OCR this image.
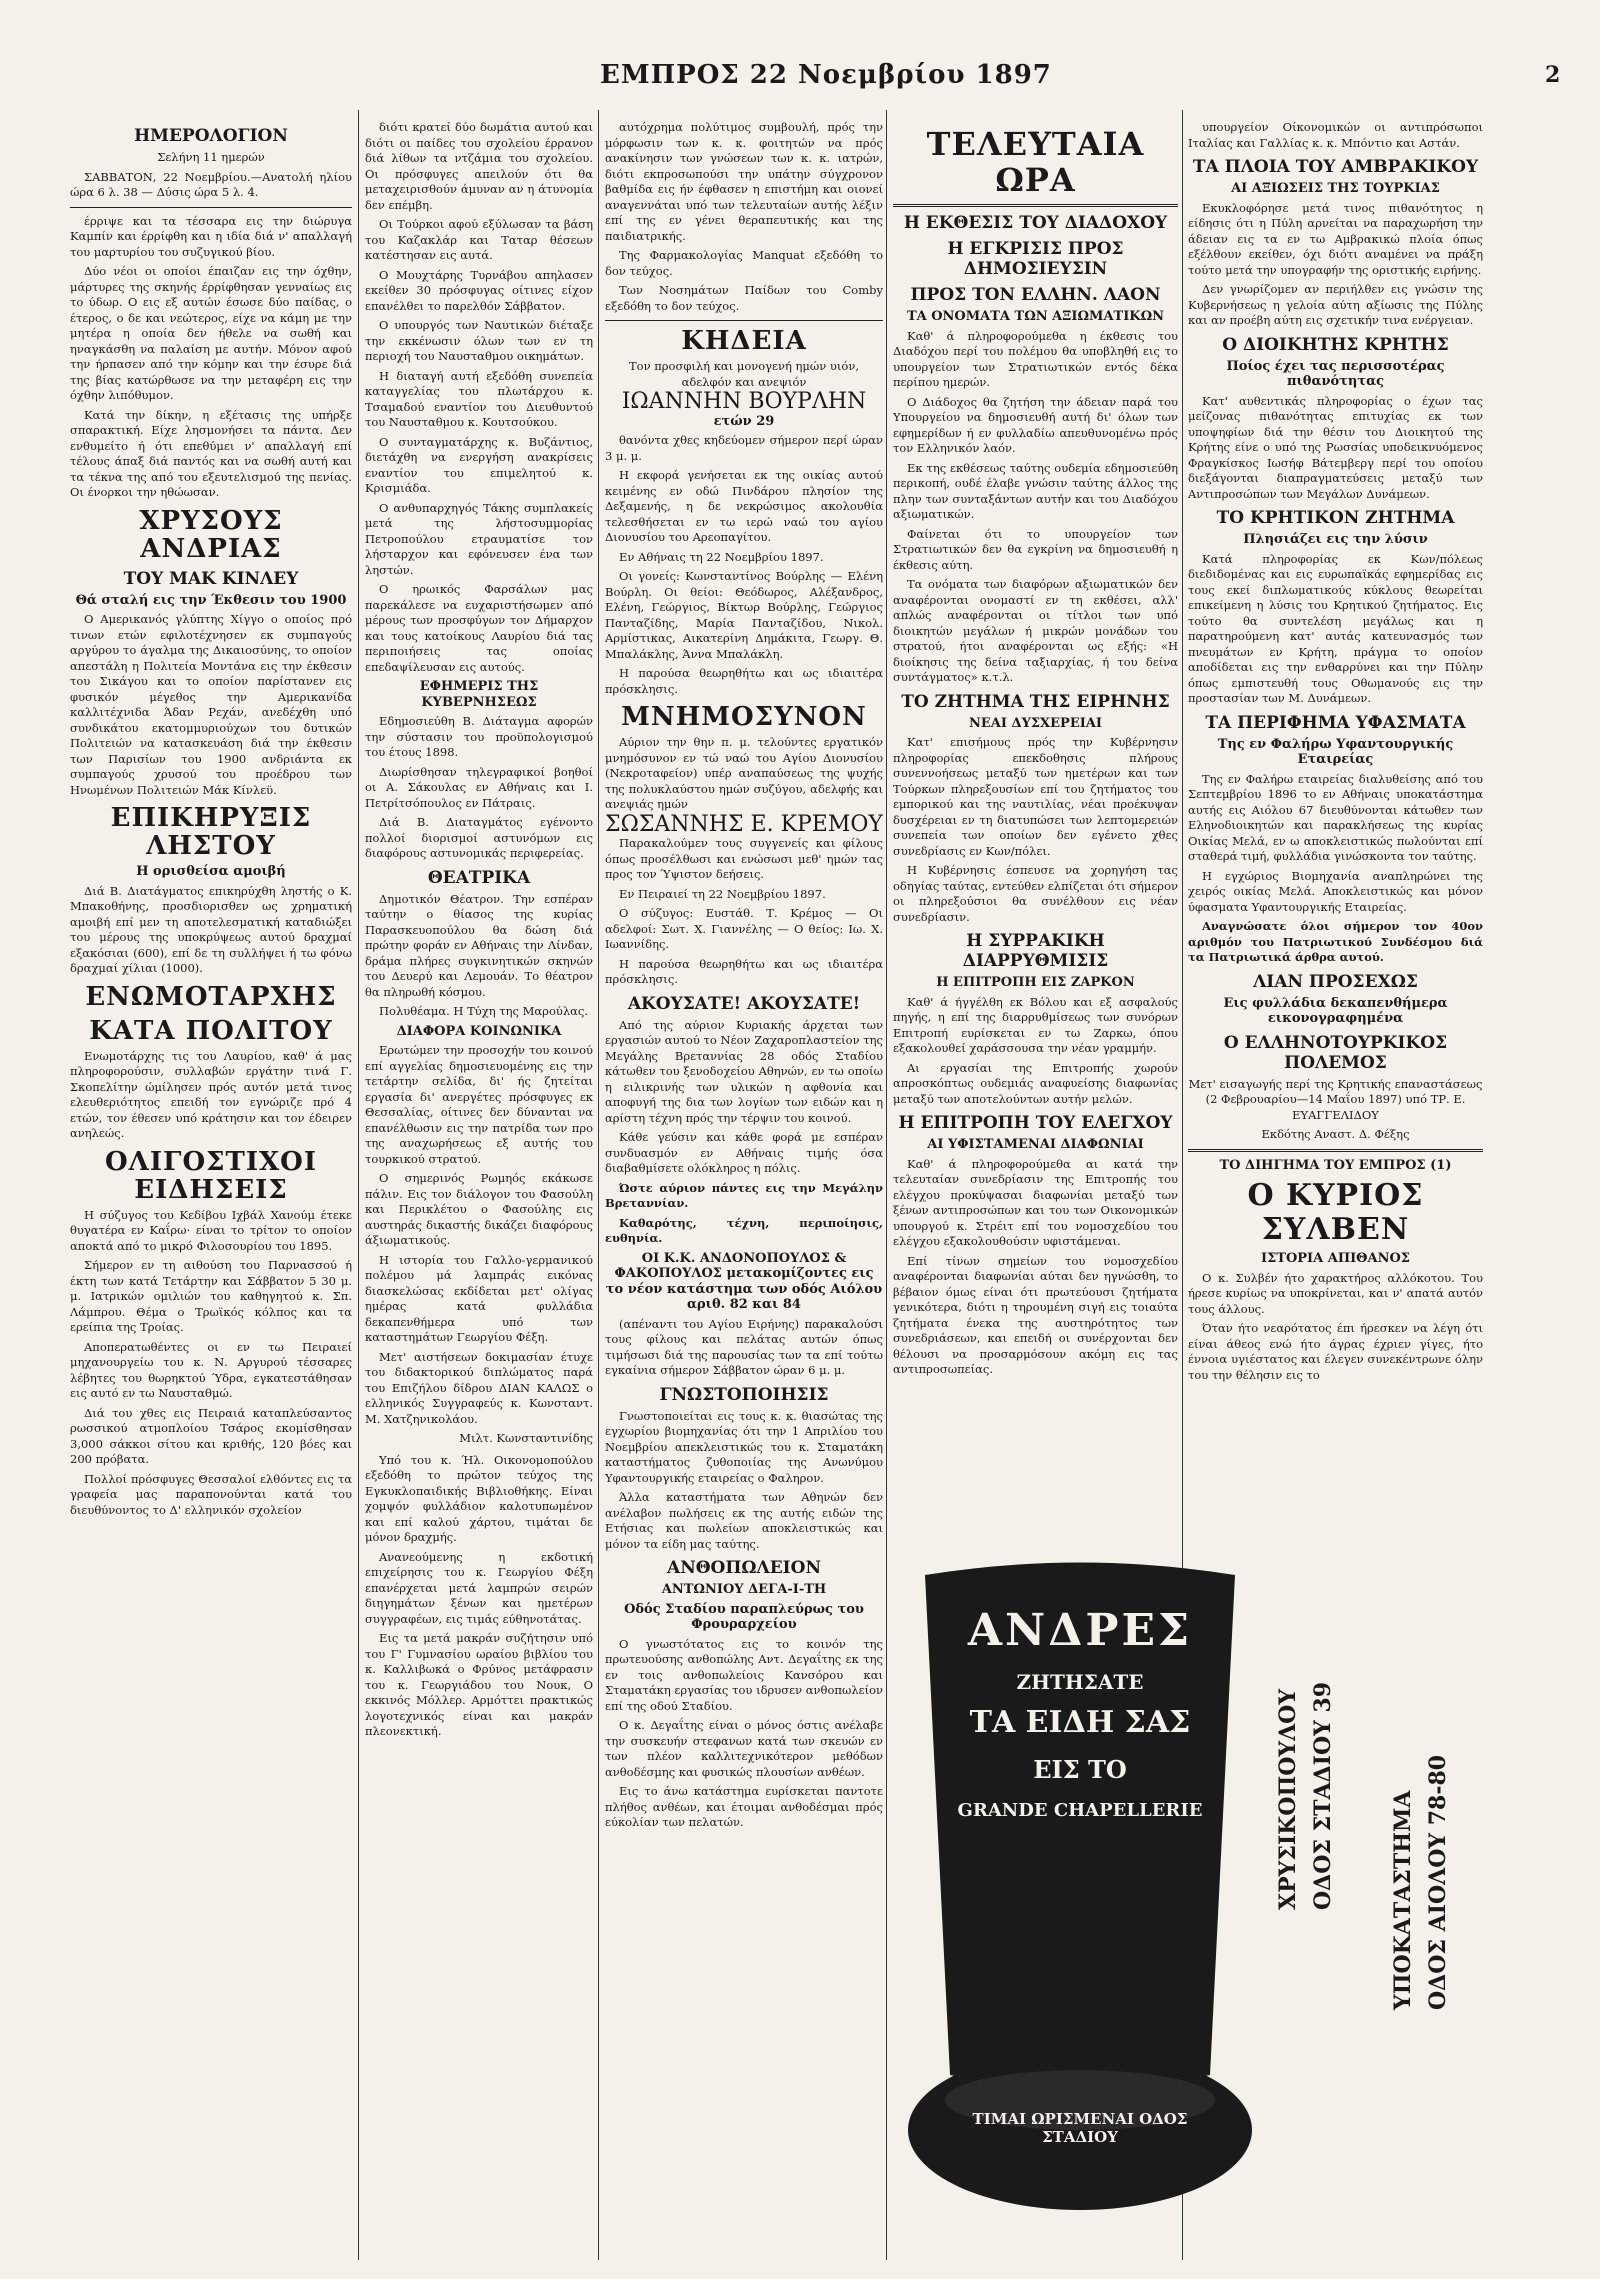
ΕΜΠΡΟΣ 22 Νοεμβρίου 1897	2
ΗΜΕΡΟΛΟΓΙΟΝ

Σελήνη 11 ημερών

ΣΑΒΒΑΤΟΝ, 22 Νοεμβρίου.—Ανατολή ηλίου ώρα 6 λ. 38 — Δύσις ώρα 5 λ. 4.

έρριψε και τα τέσσαρα εις την διώρυγα Καμπίν και έρρίφθη και η ιδία διά ν' απαλλαγή του μαρτυρίου του συζυγικού βίου.

Δύο νέοι οι οποίοι έπαιζαν εις την όχθην, μάρτυρες της σκηνής έρρίφθησαν γενναίως εις το ύδωρ. Ο εις εξ αυτών έσωσε δύο παίδας, ο έτερος, ο δε και νεώτερος, είχε να κάμη με την μητέρα η οποία δεν ήθελε να σωθή και ηναγκάσθη να παλαίση με αυτήν. Μόνον αφού την ήρπασεν από την κόμην και την έσυρε διά της βίας κατώρθωσε να την μεταφέρη εις την όχθην λιπόθυμον.

Κατά την δίκην, η εξέτασις της υπήρξε σπαρακτική. Είχε λησμονήσει τα πάντα. Δεν ενθυμείτο ή ότι επεθύμει ν' απαλλαγή επί τέλους άπαξ διά παντός και να σωθή αυτή και τα τέκνα της από του εξευτελισμού της πενίας. Οι ένορκοι την ηθώωσαν.

ΧΡΥΣΟΥΣ ΑΝΔΡΙΑΣ
ΤΟΥ ΜΑΚ ΚΙΝΛΕΥ
Θά σταλή εις την Έκθεσιν του 1900

Ο Αμερικανός γλύπτης Χίγγο ο οποίος πρό τινων ετών εφιλοτέχνησεν εκ συμπαγούς αργύρου το άγαλμα της Δικαιοσύνης, το οποίον απεστάλη η Πολιτεία Μοντάνα εις την έκθεσιν του Σικάγου και το οποίον παρίστανεν εις φυσικόν μέγεθος την Αμερικανίδα καλλιτέχνιδα Άδαν Ρεχάν, ανεδέχθη υπό συνδικάτου εκατομμυριούχων του δυτικών Πολιτειών να κατασκευάση διά την έκθεσιν των Παρισίων του 1900 ανδριάντα εκ συμπαγούς χρυσού του προέδρου των Ηνωμένων Πολιτειών Μάκ Κίνλεϋ.

ΕΠΙΚΗΡΥΞΙΣ ΛΗΣΤΟΥ
Η ορισθείσα αμοιβή

Διά Β. Διατάγματος επικηρύχθη ληστής ο Κ. Μπακοθήνης, προσδιορισθεν ως χρηματική αμοιβή επί μεν τη αποτελεσματική καταδιώξει του μέρους της υποκρύψεως αυτού δραχμαί εξακόσιαι (600), επί δε τη συλλήψει ή τω φόνω δραχμαί χίλιαι (1000).

ΕΝΩΜΟΤΑΡΧΗΣ
ΚΑΤΑ ΠΟΛΙΤΟΥ

Ενωμοτάρχης τις του Λαυρίου, καθ' ά μας πληροφορούσιν, συλλαβών εργάτην τινά Γ. Σκοπελίτην ώμίλησεν πρός αυτόν μετά τινος ελευθεριότητος επειδή τον εγνώριζε πρό 4 ετών, τον έθεσεν υπό κράτησιν και τον έδειρεν ανηλεώς.

ΟΛΙΓΟΣΤΙΧΟΙ ΕΙΔΗΣΕΙΣ

Η σύζυγος του Κεδίβου Ιχβάλ Χανούμ έτεκε θυγατέρα εν Καΐρω· είναι το τρίτον το οποίον αποκτά από το μικρό Φιλοσουρίου του 1895.

Σήμερον εν τη αιθούση του Παρνασσού ή έκτη των κατά Τετάρτην και Σάββατον 5 30 μ. μ. Ιατρικών ομιλιών του καθηγητού κ. Σπ. Λάμπρου. Θέμα ο Τρωϊκός κόλπος και τα ερείπια της Τροίας.

Αποπερατωθέντες οι εν τω Πειραιεί μηχανουργείω του κ. Ν. Αργυρού τέσσαρες λέβητες του θωρηκτού Ύδρα, εγκατεστάθησαν εις αυτό εν τω Ναυσταθμώ.

Διά του χθες εις Πειραιά καταπλεύσαντος ρωσσικού ατμοπλοίου Τσάρος εκομίσθησαν 3,000 σάκκοι σίτου και κριθής, 120 βόες και 200 πρόβατα.

Πολλοί πρόσφυγες Θεσσαλοί ελθόντες εις τα γραφεία μας παραπονούνται κατά του διευθύνοντος το Δ' ελληνικόν σχολείον

διότι κρατεί δύο δωμάτια αυτού και διότι οι παίδες του σχολείου έρρανον διά λίθων τα ντζάμια του σχολείου. Οι πρόσφυγες απειλούν ότι θα μεταχειρισθούν άμυναν αν η άτυνομία δεν επέμβη.

Οι Τούρκοι αφού εξύλωσαν τα βάση του Καζακλάρ και Ταταρ θέσεων κατέστησαν εις αυτά.

Ο Μουχτάρης Τυρνάβου απηλασεν εκείθεν 30 πρόσφυγας οίτινες είχον επανέλθει το παρελθόν Σάββατον.

Ο υπουργός των Ναυτικών διέταξε την εκκένωσιν όλων των εν τη περιοχή του Ναυσταθμου οικημάτων.

Η διαταγή αυτή εξεδόθη συνεπεία καταγγελίας του πλωτάρχου κ. Τσαμαδού εναντίον του Διευθυντού του Ναυσταθμου κ. Κουτσούκου.

Ο συνταγματάρχης κ. Βυζάντιος, διετάχθη να ενεργήση ανακρίσεις εναντίον του επιμελητού κ. Κρισμιάδα.

Ο ανθυπαρχηγός Τάκης συμπλακείς μετά της λήστοσυμμορίας Πετροπούλου ετραυματίσε τον λήσταρχον και εφόνευσεν ένα των ληστών.

Ο ηρωικός Φαρσάλων μας παρεκάλεσε να ευχαριστήσωμεν από μέρους των προσφύγων τον Δήμαρχον και τους κατοίκους Λαυρίου διά τας περιποιήσεις τας οποίας επεδαψίλευσαν εις αυτούς.

ΕΦΗΜΕΡΙΣ ΤΗΣ ΚΥΒΕΡΝΗΣΕΩΣ

Εδημοσιεύθη Β. Διάταγμα αφορών την σύστασιν του προϋπολογισμού του έτους 1898.

Διωρίσθησαν τηλεγραφικοί βοηθοί οι Α. Σάκουλας εν Αθήναις και Ι. Πετρίτσόπουλος εν Πάτραις.

Διά Β. Διαταγμάτος εγένοντο πολλοί διορισμοί αστυνόμων εις διαφόρους αστυνομικάς περιφερείας.

ΘΕΑΤΡΙΚΑ

Δημοτικόν Θέατρον. Την εσπέραν ταύτην ο θίασος της κυρίας Παρασκευοπούλου θα δώση διά πρώτην φοράν εν Αθήναις την Λίνδαν, δράμα πλήρες συγκινητικών σκηνών του Δευερύ και Λεμουάν. Το θέατρον θα πληρωθή κόσμου.

Πολυθέαμα. Η Τύχη της Μαρούλας.

ΔΙΑΦΟΡΑ ΚΟΙΝΩΝΙΚΑ

Ερωτώμεν την προσοχήν του κοινού επί αγγελίας δημοσιευομένης εις την τετάρτην σελίδα, δι' ής ζητείται εργασία δι' ανεργέτες πρόσφυγες εκ Θεσσαλίας, οίτινες δεν δύνανται να επανέλθωσιν εις την πατρίδα των προ της αναχωρήσεως εξ αυτής του τουρκικού στρατού.

Ο σημερινός Ρωμηός εκάκωσε πάλιν. Εις τον διάλογον του Φασούλη και Περικλέτου ο Φασούλης εις αυστηράς δικαστής δικάζει διαφόρους άξιωματικούς.

Η ιστορία του Γαλλο-γερμανικού πολέμου μά λαμπράς εικόνας διασκελώσας εκδίδεται μετ' ολίγας ημέρας κατά φυλλάδια δεκαπενθήμερα υπό των καταστημάτων Γεωργίου Φέξη.

Μετ' αιστήσεων δοκιμασίαν έτυχε του διδακτορικού διπλώματος παρά του Επιζήλου δίδρου ΔΙΑΝ ΚΑΛΩΣ ο ελληνικός Συγγραφεύς κ. Κωνσταντ. Μ. Χατζηνικολάου.

Μιλτ. Κωνσταντινίδης

Υπό του κ. Ήλ. Οικονομοπούλου εξεδόθη το πρώτον τεύχος της Εγκυκλοπαιδικής Βιβλιοθήκης. Είναι χομψόν φυλλάδιον καλοτυπωμένον και επί καλού χάρτου, τιμάται δε μόνον δραχμής.

Ανανεούμενης η εκδοτική επιχείρησις του κ. Γεωργίου Φέξη επανέρχεται μετά λαμπρών σειρών διηγημάτων ξένων και ημετέρων συγγραφέων, εις τιμάς εύθηνοτάτας.

Εις τα μετά μακράν συζήτησιν υπό του Γ' Γυμνασίου ωραίου βιβλίου του κ. Καλλιβωκά ο Φρύνος μετάφρασιν του κ. Γεωργιάδου του Νουκ, Ο εκκινός Μόλλερ. Αρμόττει πρακτικώς λογοτεχνικός είναι και μακράν πλεονεκτική.

αυτόχρημα πολύτιμος συμβουλή, πρός την μόρφωσιν των κ. κ. φοιτητών να πρός ανακίνησιν των γνώσεων των κ. κ. ιατρών, διότι εκπροσωπούσι την υπάτην σύγχρονον βαθμίδα εις ήν έφθασεν η επιστήμη και οιονεί αναγεννάται υπό των τελευταίων αυτής λέξιν επί της εν γένει θεραπευτικής και της παιδιατρικής.

Της Φαρμακολογίας Manquat εξεδόθη το δον τεύχος.

Των Νοσημάτων Παίδων του Comby εξεδόθη το δον τεύχος.

ΚΗΔΕΙΑ

Τον προσφιλή και μονογενή ημών υιόν, αδελφόν και ανεψιόν

ΙΩΑΝΝΗΝ ΒΟΥΡΛΗΝ
ετών 29

θανόντα χθες κηδεύομεν σήμερον περί ώραν 3 μ. μ.

Η εκφορά γενήσεται εκ της οικίας αυτού κειμένης εν οδώ Πινδάρου πλησίον της Δεξαμενής, η δε νεκρώσιμος ακολουθία τελεσθήσεται εν τω ιερώ ναώ του αγίου Διονυσίου του Αρεοπαγίτου.

Εν Αθήναις τη 22 Νοεμβρίου 1897.

Οι γονείς: Κωνσταντίνος Βούρλης — Ελένη Βούρλη. Οι θείοι: Θεόδωρος, Αλέξανδρος, Ελένη, Γεώργιος, Βίκτωρ Βούρλης, Γεώργιος Πανταζίδης, Μαρία Πανταζίδου, Νικολ. Αρμίστικας, Αικατερίνη Δημάκιτα, Γεωργ. Θ. Μπαλάκλης, Άννα Μπαλάκλη.

Η παρούσα θεωρηθήτω και ως ιδιαιτέρα πρόσκλησις.

ΜΝΗΜΟΣΥΝΟΝ

Αύριον την θην π. μ. τελούντες εργατικόν μνημόσυνον εν τώ ναώ του Αγίου Διονυσίου (Νεκροταφείον) υπέρ αναπαύσεως της ψυχής της πολυκλαύστου ημών συζύγου, αδελφής και ανεψιάς ημών

ΣΩΣΑΝΝΗΣ Ε. ΚΡΕΜΟΥ

Παρακαλούμεν τους συγγενείς και φίλους όπως προσέλθωσι και ενώσωσι μεθ' ημών τας προς τον Ύψιστον δεήσεις.

Εν Πειραιεί τη 22 Νοεμβρίου 1897.

Ο σύζυγος: Ευστάθ. Τ. Κρέμος — Οι αδελφοί: Σωτ. Χ. Γιαννέλης — Ο θείος: Ιω. Χ. Ιωαννίδης.

Η παρούσα θεωρηθήτω και ως ιδιαιτέρα πρόσκλησις.

ΑΚΟΥΣΑΤΕ! ΑΚΟΥΣΑΤΕ!

Από της αύριον Κυριακής άρχεται των εργασιών αυτού το Νέον Ζαχαροπλαστείον της Μεγάλης Βρεταννίας 28 οδός Σταδίου κάτωθεν του ξενοδοχείου Αθηνών, εν τω οποίω η ειλικρινής των υλικών η αφθονία και αποφυγή της δια των λογίων των ειδών και η αρίστη τέχνη πρός την τέρψιν του κοινού.

Κάθε γεύσιν και κάθε φορά με εσπέραν συνδυασμόν εν Αθήναις τιμής όσα διαβαθμίσετε ολόκληρος η πόλις.

Ώστε αύριον πάντες εις την Μεγάλην Βρεταννίαν.

Καθαρότης, τέχνη, περιποίησις, ευθηνία.

ΟΙ Κ.Κ. ΑΝΔΟΝΟΠΟΥΛΟΣ & ΦΑΚΟΠΟΥΛΟΣ μετακομίζοντες εις το νέον κατάστημα των οδός Αιόλου αριθ. 82 και 84

(απέναντι του Αγίου Ειρήνης) παρακαλούσι τους φίλους και πελάτας αυτών όπως τιμήσωσι διά της παρουσίας των τα επί τούτω εγκαίνια σήμερον Σάββατον ώραν 6 μ. μ.

ΓΝΩΣΤΟΠΟΙΗΣΙΣ

Γνωστοποιείται εις τους κ. κ. θιασώτας της εγχωρίου βιομηχανίας ότι την 1 Απριλίου του Νοεμβρίου απεκλειστικώς του κ. Σταματάκη καταστήματος ζυθοποιίας της Ανωνύμου Υφαντουργικής εταιρείας ο Φαληρον.

Άλλα καταστήματα των Αθηνών δεν ανέλαβον πωλήσεις εκ της αυτής ειδών της Ετήσιας και πωλείων αποκλειστικώς και μόνον τα είδη μας ταύτης.

ΑΝΘΟΠΩΛΕΙΟΝ
ΑΝΤΩΝΙΟΥ ΔΕΓΑ-Ι-ΤΗ
Οδός Σταδίου παραπλεύρως του Φρουραρχείου

Ο γνωστότατος εις το κοινόν της πρωτευούσης ανθοπώλης Αντ. Δεγαΐτης εκ της εν τοις ανθοπωλείοις Κανσόρου και Σταματάκη εργασίας του ιδρυσεν ανθοπωλείον επί της οδού Σταδίου.

Ο κ. Δεγαΐτης είναι ο μόνος όστις ανέλαβε την συσκευήν στεφανων κατά των σκευών εν των πλέον καλλιτεχνικότερον μεθόδων ανθοδέσμης και φυσικώς πλουσίων ανθέων.

Εις το άνω κατάστημα ευρίσκεται παντοτε πλήθος ανθέων, και έτοιμαι ανθοδέσμαι πρός εύκολίαν των πελατών.

ΤΕΛΕΥΤΑΙΑ ΩΡΑ
Η ΕΚΘΕΣΙΣ ΤΟΥ ΔΙΑΔΟΧΟΥ
Η ΕΓΚΡΙΣΙΣ ΠΡΟΣ ΔΗΜΟΣΙΕΥΣΙΝ
ΠΡΟΣ ΤΟΝ ΕΛΛΗΝ. ΛΑΟΝ
ΤΑ ΟΝΟΜΑΤΑ ΤΩΝ ΑΞΙΩΜΑΤΙΚΩΝ

Καθ' ά πληροφορούμεθα η έκθεσις του Διαδόχου περί του πολέμου θα υποβληθή εις το υπουργείον των Στρατιωτικών εντός δέκα περίπου ημερών.

Ο Διάδοχος θα ζητήση την άδειαν παρά του Υπουργείου να δημοσιευθή αυτή δι' όλων των εφημερίδων ή εν φυλλαδίω απευθυνομένω πρός τον Ελληνικόν λαόν.

Εκ της εκθέσεως ταύτης ουδεμία εδημοσιεύθη περικοπή, ουδέ έλαβε γνώσιν ταύτης άλλος της πλην των συνταξάντων αυτήν και του Διαδόχου αξιωματικών.

Φαίνεται ότι το υπουργείον των Στρατιωτικών δεν θα εγκρίνη να δημοσιευθή η έκθεσις αύτη.

Τα ονόματα των διαφόρων αξιωματικών δεν αναφέρονται ονομαστί εν τη εκθέσει, αλλ' απλώς αναφέρονται οι τίτλοι των υπό διοικητών μεγάλων ή μικρών μονάδων του στρατού, ήτοι αναφέρονται ως εξής: «Η διοίκησις της δείνα ταξιαρχίας, ή του δείνα συντάγματος» κ.τ.λ.

ΤΟ ΖΗΤΗΜΑ ΤΗΣ ΕΙΡΗΝΗΣ
ΝΕΑΙ ΔΥΣΧΕΡΕΙΑΙ

Κατ' επισήμους πρός την Κυβέρνησιν πληροφορίας επεκδοθησις πλήρους συνεννοήσεως μεταξύ των ημετέρων και των Τούρκων πληρεξουσίων επί του ζητήματος του εμπορικού και της ναυτιλίας, νέαι προέκυψαν δυσχέρειαι εν τη διατυπώσει των λεπτομερειών συνεπεία των οποίων δεν εγένετο χθες συνεδρίασις εν Κων/πόλει.

Η Κυβέρνησις έσπευσε να χορηγήση τας οδηγίας ταύτας, εντεύθεν ελπίζεται ότι σήμερον οι πληρεξούσιοι θα συνέλθουν εις νέαν συνεδρίασιν.

Η ΣΥΡΡΑΚΙΚΗ ΔΙΑΡΡΥΘΜΙΣΙΣ
Η ΕΠΙΤΡΟΠΗ ΕΙΣ ΖΑΡΚΟΝ

Καθ' ά ήγγέλθη εκ Βόλου και εξ ασφαλούς πηγής, η επί της διαρρυθμίσεως των συνόρων Επιτροπή ευρίσκεται εν τω Ζαρκω, όπου εξακολουθεί χαράσσουσα την νέαν γραμμήν.

Αι εργασίαι της Επιτροπής χωρούν απροσκόπτως ουδεμιάς αναφυείσης διαφωνίας μεταξύ των αποτελούντων αυτήν μελών.

Η ΕΠΙΤΡΟΠΗ ΤΟΥ ΕΛΕΓΧΟΥ
ΑΙ ΥΦΙΣΤΑΜΕΝΑΙ ΔΙΑΦΩΝΙΑΙ

Καθ' ά πληροφορούμεθα αι κατά την τελευταίαν συνεδρίασιν της Επιτροπής του ελέγχου προκύψασαι διαφωνίαι μεταξύ των ξένων αντιπροσώπων και του των Οικονομικών υπουργού κ. Στρέιτ επί του νομοσχεδίου του ελέγχου εξακολουθούσιν υφιστάμεναι.

Επί τίνων σημείων του νομοσχεδίου αναφέρονται διαφωνίαι αύται δεν ηγνώσθη, το βέβαιον όμως είναι ότι πρωτεύουσι ζητήματα γενικότερα, διότι η τηρουμένη σιγή εις τοιαύτα ζητήματα ένεκα της αυστηρότητος των συνεδριάσεων, και επειδή οι συνέρχονται δεν θέλουσι να προσαρμόσουν ακόμη εις τας αντιπροσωπείας.

υπουργείον Οίκονομικών οι αντιπρόσωποι Ιταλίας και Γαλλίας κ. κ. Μπόντιο και Αστάν.

ΤΑ ΠΛΟΙΑ ΤΟΥ ΑΜΒΡΑΚΙΚΟΥ
ΑΙ ΑΞΙΩΣΕΙΣ ΤΗΣ ΤΟΥΡΚΙΑΣ

Εκυκλοφόρησε μετά τινος πιθανότητος η είδησις ότι η Πύλη αρνείται να παραχωρήση την άδειαν εις τα εν τω Αμβρακικώ πλοία όπως εξέλθουν εκείθεν, όχι διότι αναμένει να πράξη τούτο μετά την υπογραφήν της οριστικής ειρήνης.

Δεν γνωρίζομεν αν περιήλθεν εις γνώσιν της Κυβερνήσεως η γελοία αύτη αξίωσις της Πύλης και αν προέβη αύτη εις σχετικήν τινα ενέργειαν.

Ο ΔΙΟΙΚΗΤΗΣ ΚΡΗΤΗΣ
Ποίος έχει τας περισσοτέρας πιθανότητας

Κατ' αυθεντικάς πληροφορίας ο έχων τας μείζονας πιθανότητας επιτυχίας εκ των υποψηφίων διά την θέσιν του Διοικητού της Κρήτης είνε ο υπό της Ρωσσίας υποδεικνυόμενος Φραγκίσκος Ιωσήφ Βάτεμβεργ περί του οποίου διεξάγονται διαπραγματεύσεις μεταξύ των Αντιπροσώπων των Μεγάλων Δυνάμεων.

ΤΟ ΚΡΗΤΙΚΟΝ ΖΗΤΗΜΑ
Πλησιάζει εις την λύσιν

Κατά πληροφορίας εκ Κων/πόλεως διεδιδομένας και εις ευρωπαϊκάς εφημερίδας εις τους εκεί διπλωματικούς κύκλους θεωρείται επικείμενη η λύσις του Κρητικού ζητήματος. Εις τούτο θα συντελέση μεγάλως και η παρατηρούμενη κατ' αυτάς κατευνασμός των πνευμάτων εν Κρήτη, πράγμα το οποίον αποδίδεται εις την ενθαρρύνει και την Πύλην όπως εμπιστευθή τους Οθωμανούς εις την προστασίαν των Μ. Δυνάμεων.

ΤΑ ΠΕΡΙΦΗΜΑ ΥΦΑΣΜΑΤΑ
Της εν Φαλήρω Υφαντουργικής Εταιρείας

Της εν Φαλήρω εταιρείας διαλυθείσης από του Σεπτεμβρίου 1896 το εν Αθήναις υποκατάστημα αυτής εις Αιόλου 67 διευθύνονται κάτωθεν των Εληνοδιοικητών και παρακλήσεως της κυρίας Οικίας Μελά, εν ω αποκλειστικώς πωλούνται επί σταθερά τιμή, φυλλάδια γινώσκοντα τον ταύτης.

Η εγχώριος Βιομηχανία αναπληρώνει της χειρός οικίας Μελά. Αποκλειστικώς και μόνον ύφασματα Υφαντουργικής Εταιρείας.

Αναγνώσατε όλοι σήμερον τον 40ον αριθμόν του Πατριωτικού Συνδέσμου διά τα Πατριωτικά άρθρα αυτού.

ΛΙΑΝ ΠΡΟΣΕΧΩΣ
Εις φυλλάδια δεκαπενθήμερα εικονογραφημένα
Ο ΕΛΛΗΝΟΤΟΥΡΚΙΚΟΣ ΠΟΛΕΜΟΣ

Μετ' εισαγωγής περί της Κρητικής επαναστάσεως (2 Φεβρουαρίου—14 Μαΐου 1897) υπό ΤΡ. Ε. ΕΥΑΓΓΕΛΙΔΟΥ

Εκδότης Αναστ. Δ. Φέξης

ΤΟ ΔΙΗΓΗΜΑ ΤΟΥ ΕΜΠΡΟΣ (1)
Ο ΚΥΡΙΟΣ ΣΥΛΒΕΝ
ΙΣΤΟΡΙΑ ΑΠΙΘΑΝΟΣ

Ο κ. Συλβέν ήτο χαρακτήρος αλλόκοτου. Του ήρεσε κυρίως να υποκρίνεται, και ν' απατά αυτόν τους άλλους.

Όταν ήτο νεαρότατος έπι ήρεσκεν να λέγη ότι είναι άθεος ενώ ήτο άγρας έχριεν γίγες, ήτο έννοια υγιέστατος και έλεγεν συνεκέντρωνε όλην του την θέλησιν εις το

ΑΝΔΡΕΣ
ΖΗΤΗΣΑΤΕ
ΤΑ ΕΙΔΗ ΣΑΣ
ΕΙΣ ΤΟ
GRANDE CHAPELLERIE
ΤΙΜΑΙ ΩΡΙΣΜΕΝΑΙ ΟΔΟΣ ΣΤΑΔΙΟΥ
ΧΡΥΣΙΚΟΠΟΥΛΟΥ ΟΔΟΣ ΣΤΑΔΙΟΥ 39 ΥΠΟΚΑΤΑΣΤΗΜΑ ΟΔΟΣ ΑΙΟΛΟΥ 78-80
